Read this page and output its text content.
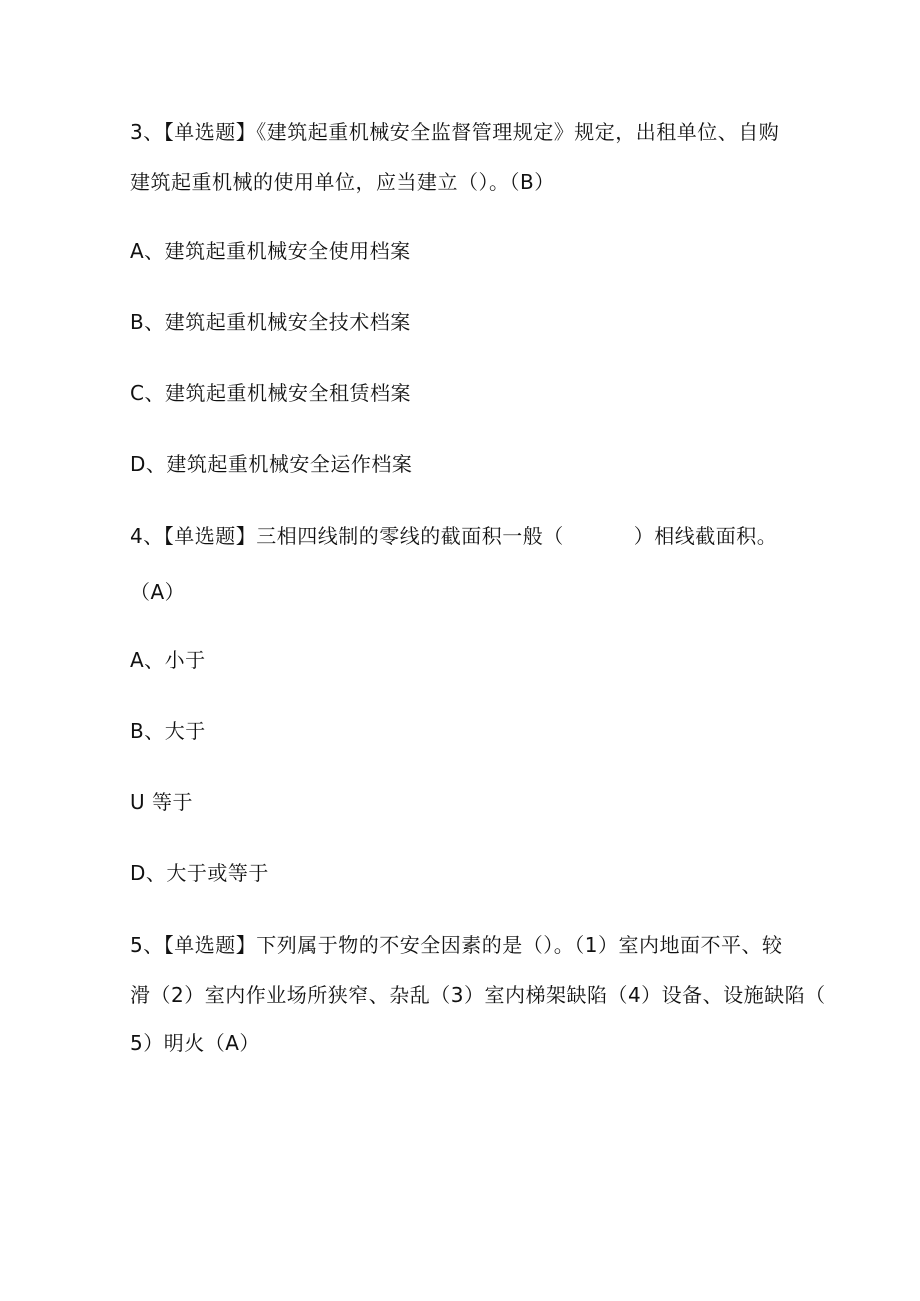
3、【单选题】《建筑起重机械安全监督管理规定》规定，出租单位、自购
建筑起重机械的使用单位，应当建立（）。（B）
A、建筑起重机械安全使用档案
B、建筑起重机械安全技术档案
C、建筑起重机械安全租赁档案
D、建筑起重机械安全运作档案
4、【单选题】三相四线制的零线的截面积一般（	）相线截面积。
（A）
A、小于
B、大于
U 等于
D、大于或等于
5、【单选题】下列属于物的不安全因素的是（）。（1）室内地面不平、较
滑（2）室内作业场所狭窄、杂乱（3）室内梯架缺陷（4）设备、设施缺陷（
5）明火（A）
